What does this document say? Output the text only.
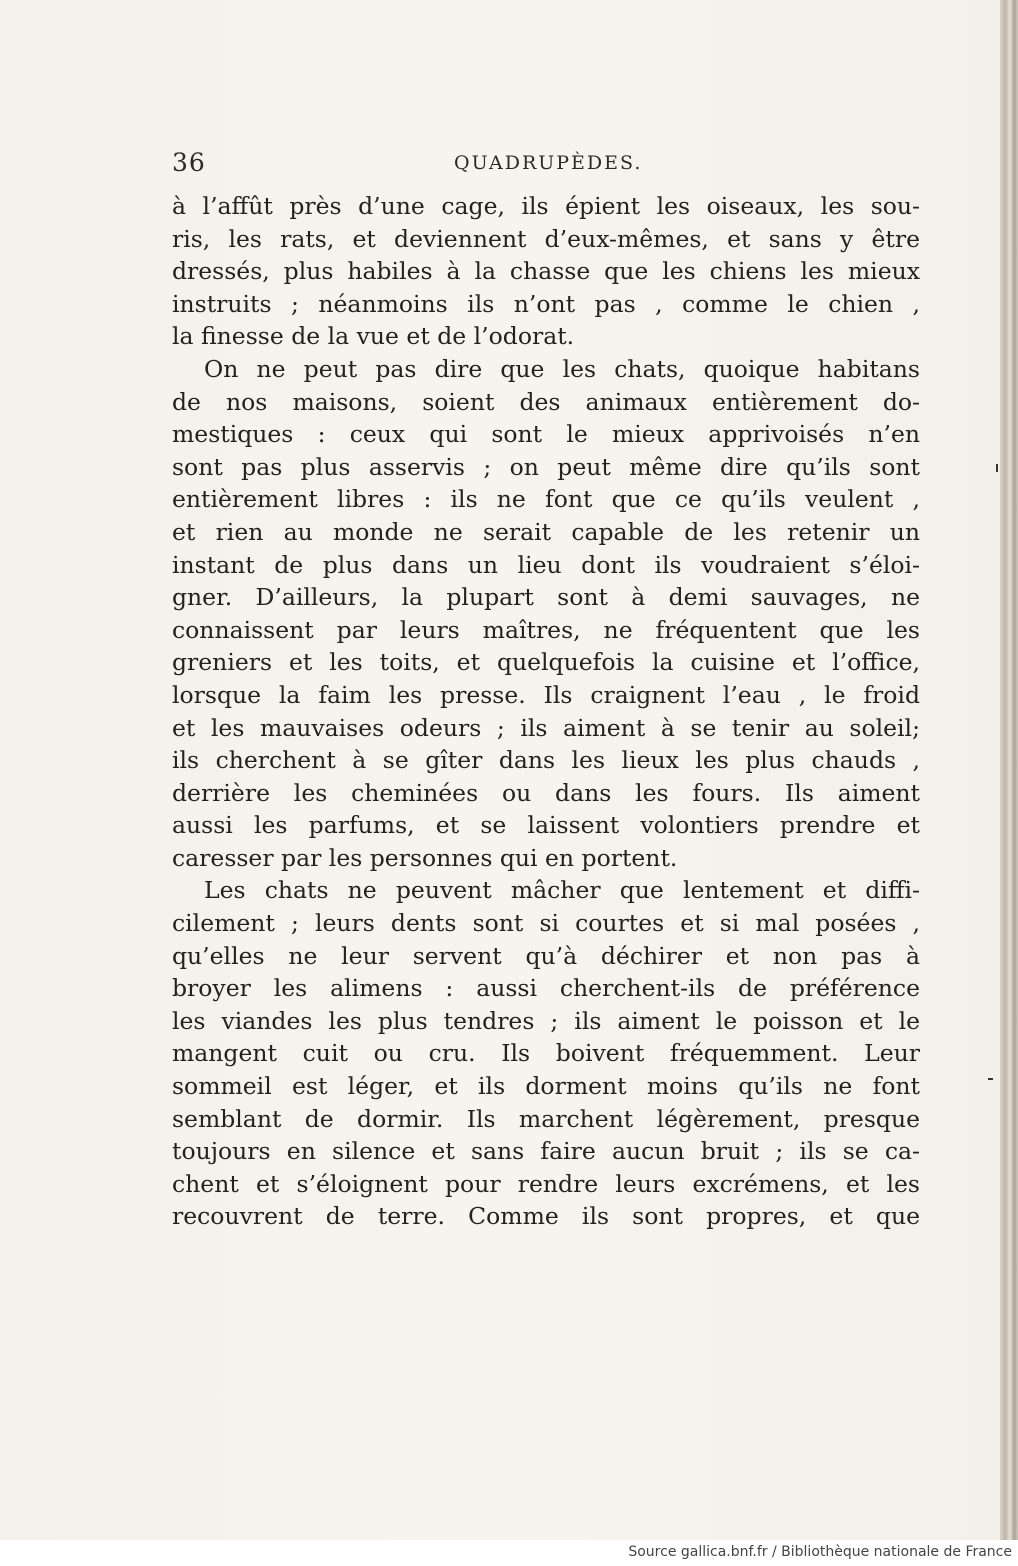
36	QUADRUPÈDES.
à l’affût près d’une cage, ils épient les oiseaux, les sou-
ris, les rats, et deviennent d’eux-mêmes, et sans y être
dressés, plus habiles à la chasse que les chiens les mieux
instruits ; néanmoins ils n’ont pas , comme le chien ,
la finesse de la vue et de l’odorat.
On ne peut pas dire que les chats, quoique habitans
de nos maisons, soient des animaux entièrement do-
mestiques : ceux qui sont le mieux apprivoisés n’en
sont pas plus asservis ; on peut même dire qu’ils sont
entièrement libres : ils ne font que ce qu’ils veulent ,
et rien au monde ne serait capable de les retenir un
instant de plus dans un lieu dont ils voudraient s’éloi-
gner. D’ailleurs, la plupart sont à demi sauvages, ne
connaissent par leurs maîtres, ne fréquentent que les
greniers et les toits, et quelquefois la cuisine et l’office,
lorsque la faim les presse. Ils craignent l’eau , le froid
et les mauvaises odeurs ; ils aiment à se tenir au soleil;
ils cherchent à se gîter dans les lieux les plus chauds ,
derrière les cheminées ou dans les fours. Ils aiment
aussi les parfums, et se laissent volontiers prendre et
caresser par les personnes qui en portent.
Les chats ne peuvent mâcher que lentement et diffi-
cilement ; leurs dents sont si courtes et si mal posées ,
qu’elles ne leur servent qu’à déchirer et non pas à
broyer les alimens : aussi cherchent-ils de préférence
les viandes les plus tendres ; ils aiment le poisson et le
mangent cuit ou cru. Ils boivent fréquemment. Leur
sommeil est léger, et ils dorment moins qu’ils ne font
semblant de dormir. Ils marchent légèrement, presque
toujours en silence et sans faire aucun bruit ; ils se ca-
chent et s’éloignent pour rendre leurs excrémens, et les
recouvrent de terre. Comme ils sont propres, et que
Source gallica.bnf.fr / Bibliothèque nationale de France
